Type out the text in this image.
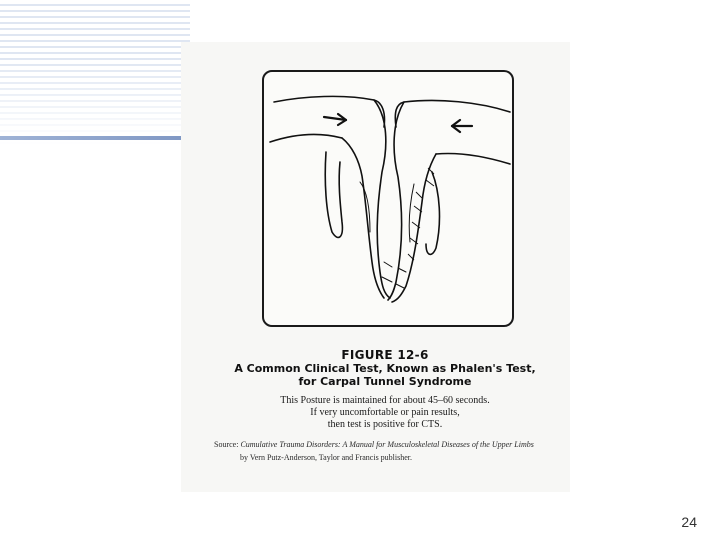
FIGURE 12-6
A Common Clinical Test, Known as Phalen's Test,
for Carpal Tunnel Syndrome
This Posture is maintained for about 45–60 seconds.
If very uncomfortable or pain results,
then test is positive for CTS.
Source: Cumulative Trauma Disorders: A Manual for Musculoskeletal Diseases of the Upper Limbs
by Vern Putz-Anderson, Taylor and Francis publisher.
24
